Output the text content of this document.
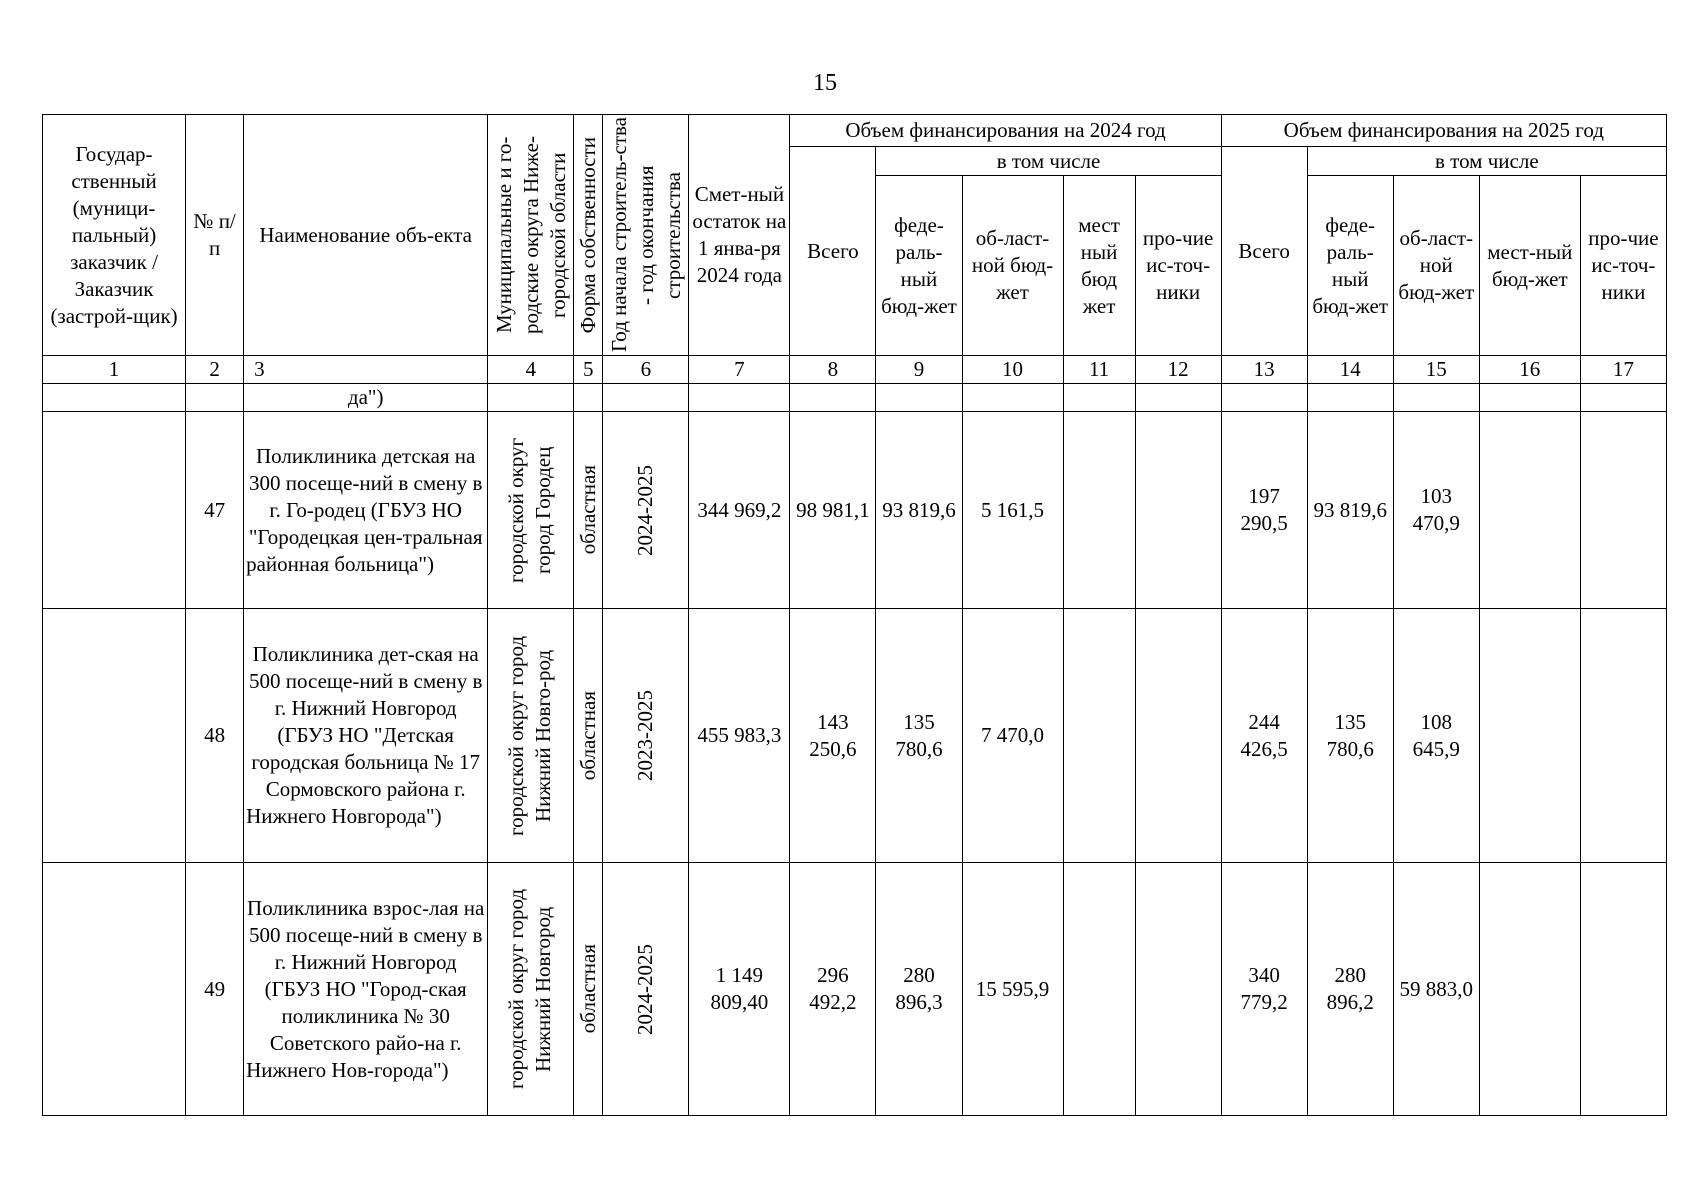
15
Государ-ственный (муници-пальный) заказчик / Заказчик (застрой-щик)	№ п/п	Наименование объ-екта	Муниципальные и го-родские округа Ниже-городской области	Форма собственности	Год начала строитель-ства - год окончания строительства	Смет-ный остаток на 1 янва-ря 2024 года	Объем финансирования на 2024 год					Объем финансирования на 2025 год				
							Всего	в том числе				Всего	в том числе			
								феде-раль-ный бюд-жет	об-ласт-ной бюд-жет	мест ный бюд жет	про-чие ис-точ-ники		феде-раль-ный бюд-жет	об-ласт-ной бюд-жет	мест-ный бюд-жет	про-чие ис-точ-ники
1	2	3	4	5	6	7	8	9	10	11	12	13	14	15	16	17
		да")														
	47	Поликлиника детская на 300 посеще-ний в смену в г. Го-родец (ГБУЗ НО "Городецкая цен-тральная районная больница")	городской округ город Городец	областная	2024-2025	344 969,2	98 981,1	93 819,6	5 161,5			197 290,5	93 819,6	103 470,9		
	48	Поликлиника дет-ская на 500 посеще-ний в смену в г. Нижний Новгород (ГБУЗ НО "Детская городская больница № 17 Сормовского района г. Нижнего Новгорода")	городской округ город Нижний Новго-род	областная	2023-2025	455 983,3	143 250,6	135 780,6	7 470,0			244 426,5	135 780,6	108 645,9		
	49	Поликлиника взрос-лая на 500 посеще-ний в смену в г. Нижний Новгород (ГБУЗ НО "Город-ская поликлиника № 30 Советского райо-на г. Нижнего Нов-города")	городской округ город Нижний Новгород	областная	2024-2025	1 149 809,40	296 492,2	280 896,3	15 595,9			340 779,2	280 896,2	59 883,0		
